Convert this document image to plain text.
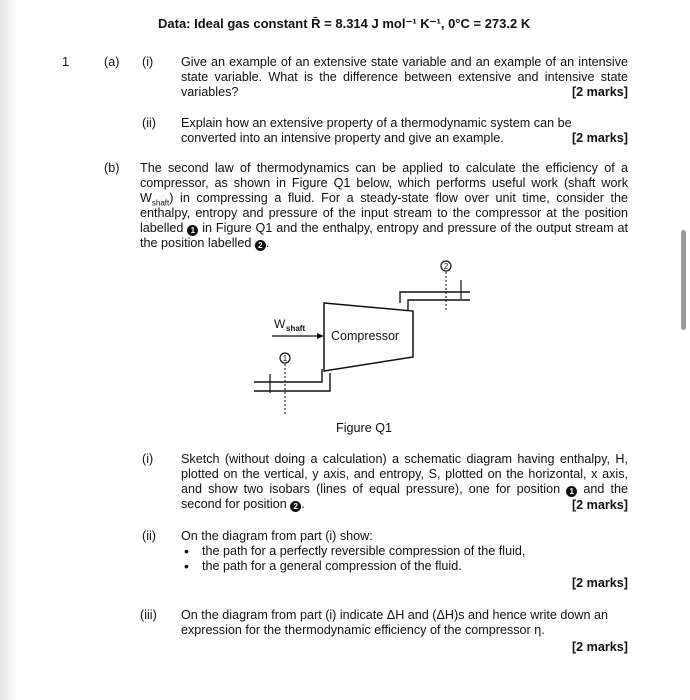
Data: Ideal gas constant R̄ = 8.314 J mol⁻¹ K⁻¹, 0°C = 273.2 K
1	(a) (i) Give an example of an extensive state variable and an example of an intensive state variable. What is the difference between extensive and intensive state variables?	[2 marks]
(ii) Explain how an extensive property of a thermodynamic system can be converted into an intensive property and give an example.	[2 marks]
(b) The second law of thermodynamics can be applied to calculate the efficiency of a compressor, as shown in Figure Q1 below, which performs useful work (shaft work $W_{shaft}$) in compressing a fluid. For a steady-state flow over unit time, consider the enthalpy, entropy and pressure of the input stream to the compressor at the position labelled 1 in Figure Q1 and the enthalpy, entropy and pressure of the output stream at the position labelled 2 .
2
W shaft
Compressor
1
Figure Q1
(i) Sketch (without doing a calculation) a schematic diagram having enthalpy, H, plotted on the vertical, y axis, and entropy, S, plotted on the horizontal, x axis, and show two isobars (lines of equal pressure), one for position 1 and the second for position 2 .	[2 marks]
(ii) On the diagram from part (i) show:
• the path for a perfectly reversible compression of the fluid,
• the path for a general compression of the fluid.
[2 marks]
(iii) On the diagram from part (i) indicate ΔH and (ΔH)s and hence write down an expression for the thermodynamic efficiency of the compressor η.
[2 marks]
